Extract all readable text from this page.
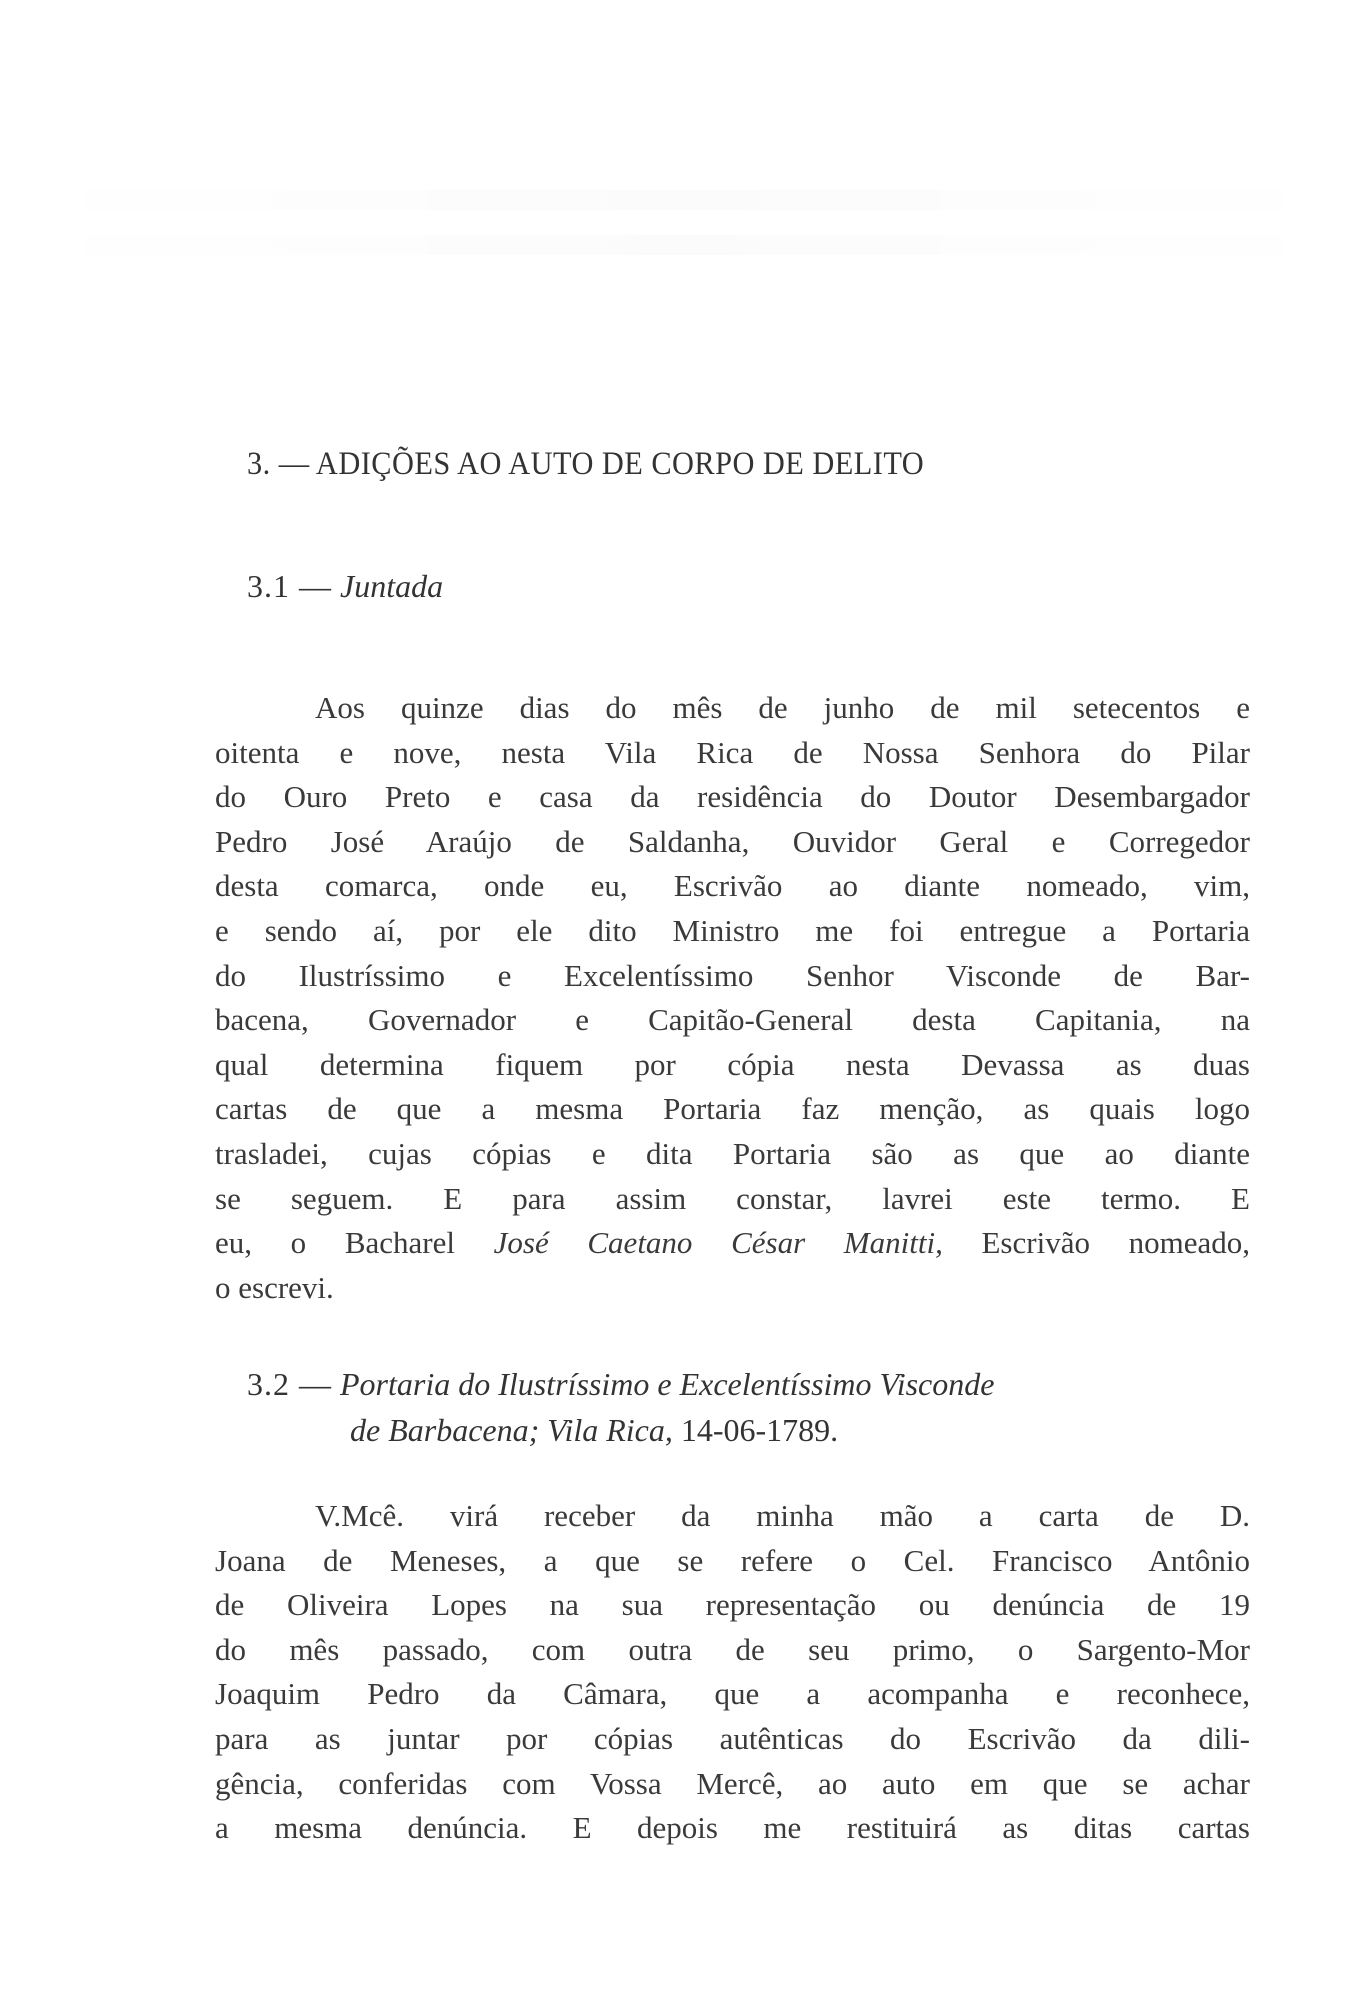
3. — ADIÇÕES AO AUTO DE CORPO DE DELITO
3.1 — Juntada
Aos quinze dias do mês de junho de mil setecentos e
oitenta e nove, nesta Vila Rica de Nossa Senhora do Pilar
do Ouro Preto e casa da residência do Doutor Desembargador
Pedro José Araújo de Saldanha, Ouvidor Geral e Corregedor
desta comarca, onde eu, Escrivão ao diante nomeado, vim,
e sendo aí, por ele dito Ministro me foi entregue a Portaria
do Ilustríssimo e Excelentíssimo Senhor Visconde de Bar-
bacena, Governador e Capitão-General desta Capitania, na
qual determina fiquem por cópia nesta Devassa as duas
cartas de que a mesma Portaria faz menção, as quais logo
trasladei, cujas cópias e dita Portaria são as que ao diante
se seguem. E para assim constar, lavrei este termo. E
eu, o Bacharel José Caetano César Manitti, Escrivão nomeado,
o escrevi.
3.2 — Portaria do Ilustríssimo e Excelentíssimo Visconde
de Barbacena; Vila Rica, 14-06-1789.
V.Mcê. virá receber da minha mão a carta de D.
Joana de Meneses, a que se refere o Cel. Francisco Antônio
de Oliveira Lopes na sua representação ou denúncia de 19
do mês passado, com outra de seu primo, o Sargento-Mor
Joaquim Pedro da Câmara, que a acompanha e reconhece,
para as juntar por cópias autênticas do Escrivão da dili-
gência, conferidas com Vossa Mercê, ao auto em que se achar
a mesma denúncia. E depois me restituirá as ditas cartas
